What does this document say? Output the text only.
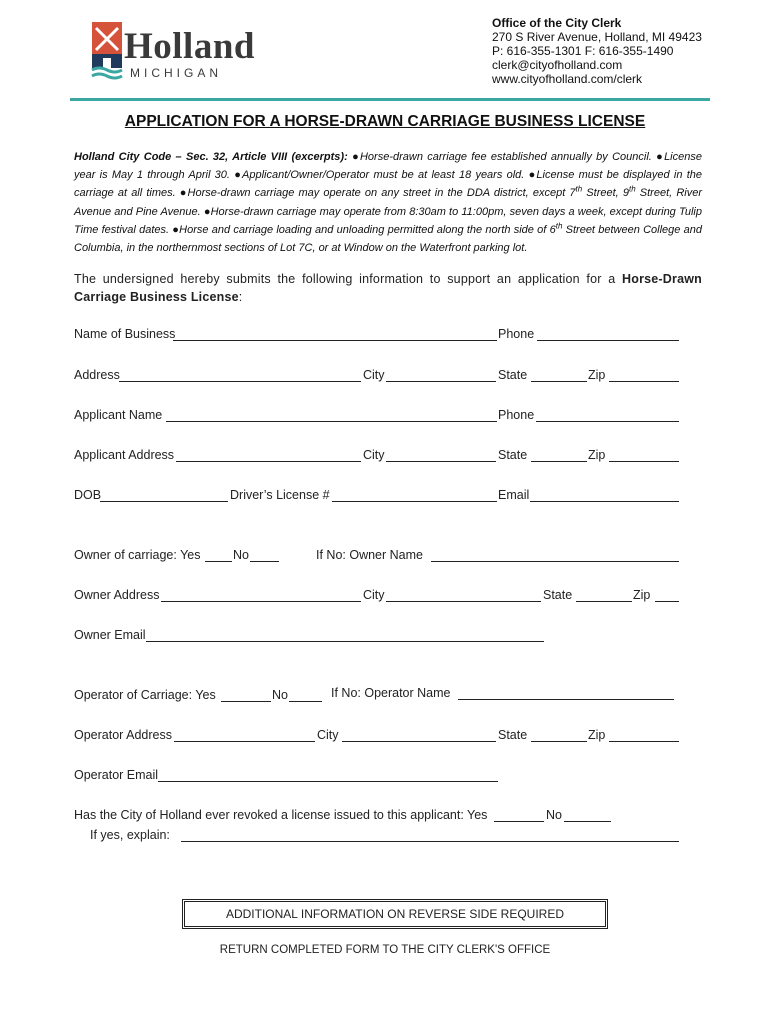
Holland
MICHIGAN
Office of the City Clerk
270 S River Avenue, Holland, MI 49423
P: 616-355-1301 F: 616-355-1490
clerk@cityofholland.com
www.cityofholland.com/clerk
APPLICATION FOR A HORSE-DRAWN CARRIAGE BUSINESS LICENSE
Holland City Code – Sec. 32, Article VIII (excerpts): ●Horse-drawn carriage fee established annually by Council. ●License year is May 1 through April 30. ●Applicant/Owner/Operator must be at least 18 years old. ●License must be displayed in the carriage at all times. ●Horse-drawn carriage may operate on any street in the DDA district, except 7th Street, 9th Street, River Avenue and Pine Avenue. ●Horse-drawn carriage may operate from 8:30am to 11:00pm, seven days a week, except during Tulip Time festival dates. ●Horse and carriage loading and unloading permitted along the north side of 6th Street between College and Columbia, in the northernmost sections of Lot 7C, or at Window on the Waterfront parking lot.
The undersigned hereby submits the following information to support an application for a Horse-Drawn Carriage Business License:
Name of Business	Phone
Address	City	State	Zip
Applicant Name	Phone
Applicant Address	City	State	Zip
DOB	Driver’s License #	Email
Owner of carriage: Yes	No	If No: Owner Name
Owner Address	City	State	Zip
Owner Email
Operator of Carriage: Yes	No	If No: Operator Name
Operator Address	City	State	Zip
Operator Email
Has the City of Holland ever revoked a license issued to this applicant: Yes	No
If yes, explain:
ADDITIONAL INFORMATION ON REVERSE SIDE REQUIRED
RETURN COMPLETED FORM TO THE CITY CLERK'S OFFICE
